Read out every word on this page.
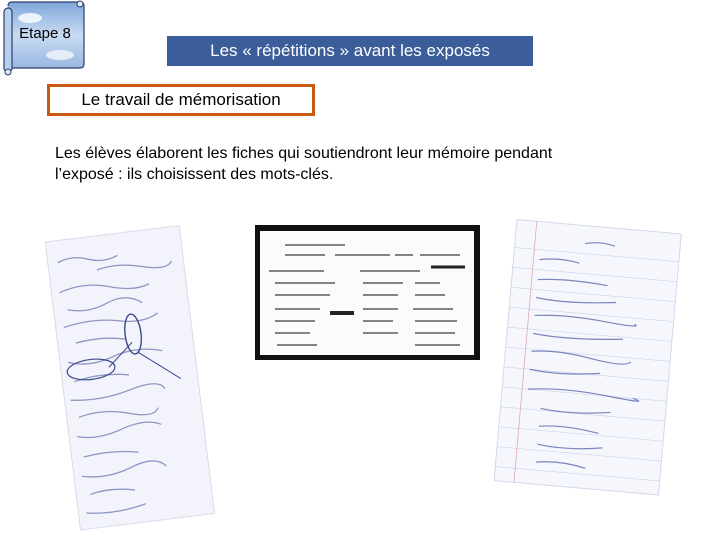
Etape 8
Les « répétitions » avant les exposés
Le travail de mémorisation
Les élèves élaborent les fiches qui soutiendront leur mémoire pendant
l’exposé : ils choisissent des mots-clés.
